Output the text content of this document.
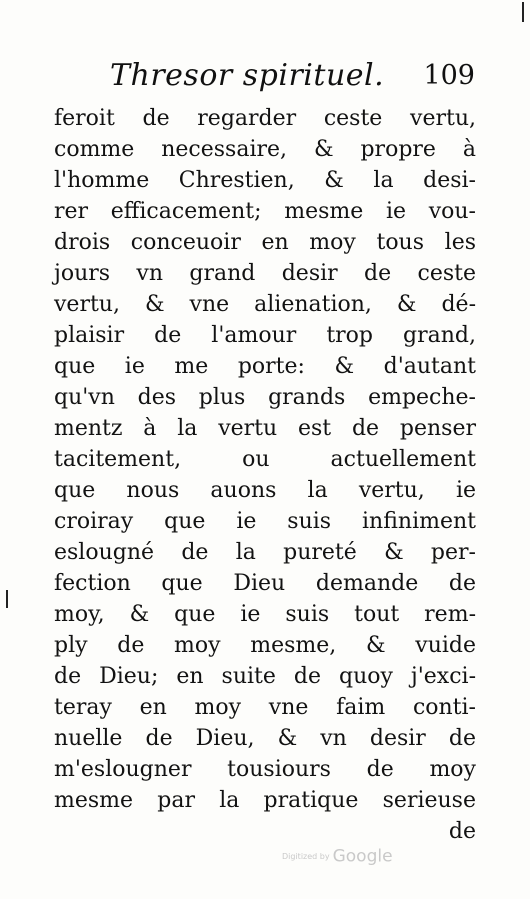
Thresor spirituel. 109
feroit de regarder ceste vertu,
comme necessaire, & propre à
l'homme Chrestien, & la desi-
rer efficacement; mesme ie vou-
drois conceuoir en moy tous les
jours vn grand desir de ceste
vertu, & vne alienation, & dé-
plaisir de l'amour trop grand,
que ie me porte: & d'autant
qu'vn des plus grands empeche-
mentz à la vertu est de penser
tacitement, ou actuellement
que nous auons la vertu, ie
croiray que ie suis infiniment
eslougné de la pureté & per-
fection que Dieu demande de
moy, & que ie suis tout rem-
ply de moy mesme, & vuide
de Dieu; en suite de quoy j'exci-
teray en moy vne faim conti-
nuelle de Dieu, & vn desir de
m'eslougner tousiours de moy
mesme par la pratique serieuse
de
Digitized by Google
